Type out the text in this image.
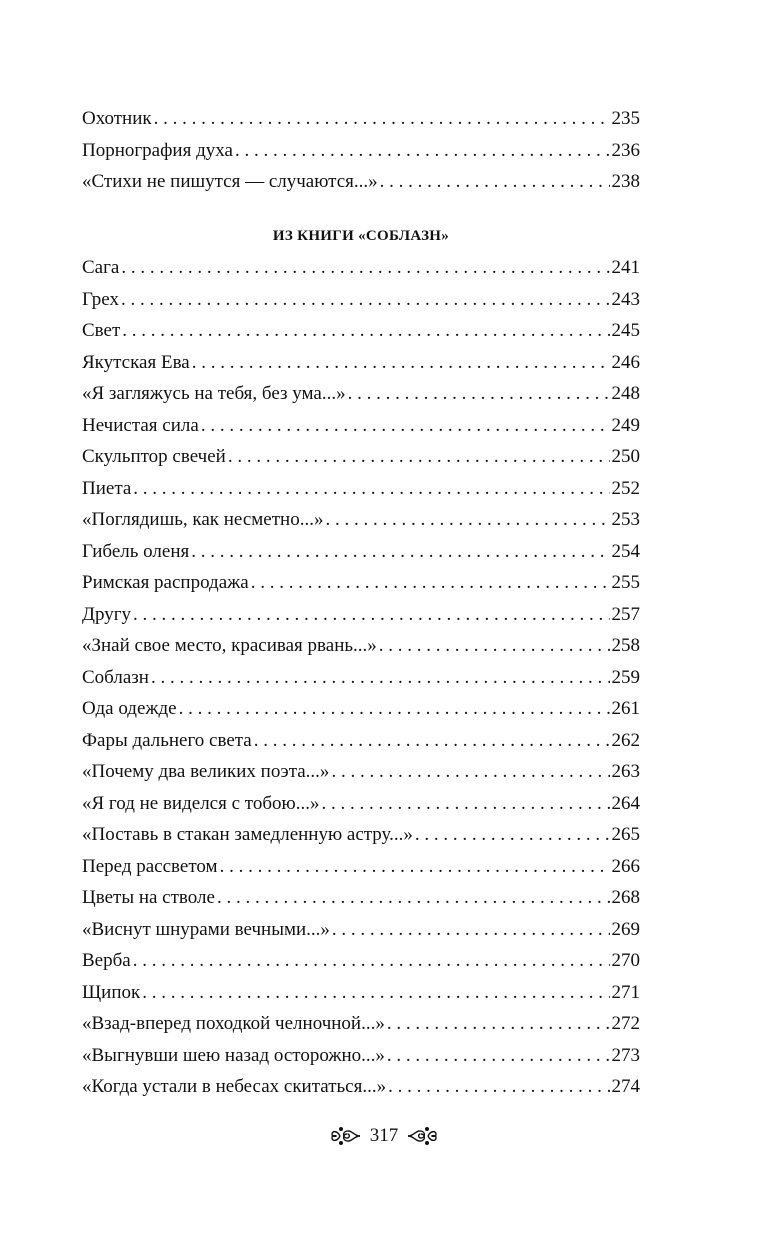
Охотник . . .	235
Порнография духа . . .	236
«Стихи не пишутся — случаются...» . . .	238
ИЗ КНИГИ «СОБЛАЗН»
Сага . . .	241
Грех . . .	243
Свет . . .	245
Якутская Ева . . .	246
«Я загляжусь на тебя, без ума...» . . .	248
Нечистая сила . . .	249
Скульптор свечей . . .	250
Пиета . . .	252
«Поглядишь, как несметно...» . . .	253
Гибель оленя . . .	254
Римская распродажа . . .	255
Другу . . .	257
«Знай свое место, красивая рвань...» . . .	258
Соблазн . . .	259
Ода одежде . . .	261
Фары дальнего света . . .	262
«Почему два великих поэта...» . . .	263
«Я год не виделся с тобою...» . . .	264
«Поставь в стакан замедленную астру...» . . .	265
Перед рассветом . . .	266
Цветы на стволе . . .	268
«Виснут шнурами вечными...» . . .	269
Верба . . .	270
Щипок . . .	271
«Взад-вперед походкой челночной...» . . .	272
«Выгнувши шею назад осторожно...» . . .	273
«Когда устали в небесах скитаться...» . . .	274
317
